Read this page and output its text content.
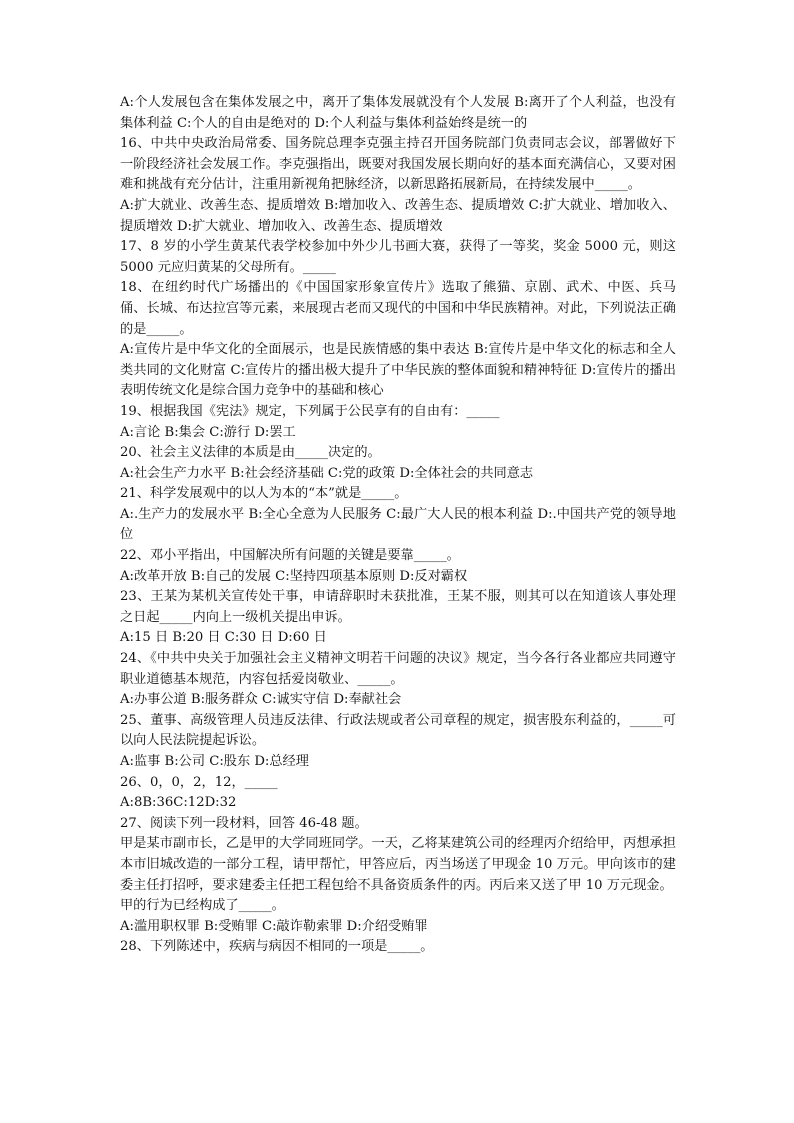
A:个人发展包含在集体发展之中，离开了集体发展就没有个人发展 B:离开了个人利益，也没有集体利益 C:个人的自由是绝对的 D:个人利益与集体利益始终是统一的

16、中共中央政治局常委、国务院总理李克强主持召开国务院部门负责同志会议，部署做好下一阶段经济社会发展工作。李克强指出，既要对我国发展长期向好的基本面充满信心，又要对困难和挑战有充分估计，注重用新视角把脉经济，以新思路拓展新局，在持续发展中_____。

A:扩大就业、改善生态、提质增效 B:增加收入、改善生态、提质增效 C:扩大就业、增加收入、提质增效 D:扩大就业、增加收入、改善生态、提质增效

17、8 岁的小学生黄某代表学校参加中外少儿书画大赛，获得了一等奖，奖金 5000 元，则这 5000 元应归黄某的父母所有。_____

18、在纽约时代广场播出的《中国国家形象宣传片》选取了熊猫、京剧、武术、中医、兵马俑、长城、布达拉宫等元素，来展现古老而又现代的中国和中华民族精神。对此，下列说法正确的是_____。

A:宣传片是中华文化的全面展示，也是民族情感的集中表达 B:宣传片是中华文化的标志和全人类共同的文化财富 C:宣传片的播出极大提升了中华民族的整体面貌和精神特征 D:宣传片的播出表明传统文化是综合国力竞争中的基础和核心

19、根据我国《宪法》规定，下列属于公民享有的自由有：_____

A:言论 B:集会 C:游行 D:罢工

20、社会主义法律的本质是由_____决定的。

A:社会生产力水平 B:社会经济基础 C:党的政策 D:全体社会的共同意志

21、科学发展观中的以人为本的“本”就是_____。

A:.生产力的发展水平 B:全心全意为人民服务 C:最广大人民的根本利益 D:.中国共产党的领导地位

22、邓小平指出，中国解决所有问题的关键是要靠_____。

A:改革开放 B:自己的发展 C:坚持四项基本原则 D:反对霸权

23、王某为某机关宣传处干事，申请辞职时未获批准，王某不服，则其可以在知道该人事处理之日起_____内向上一级机关提出申诉。

A:15 日 B:20 日 C:30 日 D:60 日

24、《中共中央关于加强社会主义精神文明若干问题的决议》规定，当今各行各业都应共同遵守职业道德基本规范，内容包括爱岗敬业、_____。

A:办事公道 B:服务群众 C:诚实守信 D:奉献社会

25、董事、高级管理人员违反法律、行政法规或者公司章程的规定，损害股东利益的，_____可以向人民法院提起诉讼。

A:监事 B:公司 C:股东 D:总经理

26、0，0，2，12，_____

A:8B:36C:12D:32

27、阅读下列一段材料，回答 46-48 题。

甲是某市副市长，乙是甲的大学同班同学。一天，乙将某建筑公司的经理丙介绍给甲，丙想承担本市旧城改造的一部分工程，请甲帮忙，甲答应后，丙当场送了甲现金 10 万元。甲向该市的建委主任打招呼，要求建委主任把工程包给不具备资质条件的丙。丙后来又送了甲 10 万元现金。

甲的行为已经构成了_____。

A:滥用职权罪 B:受贿罪 C:敲诈勒索罪 D:介绍受贿罪

28、下列陈述中，疾病与病因不相同的一项是_____。
